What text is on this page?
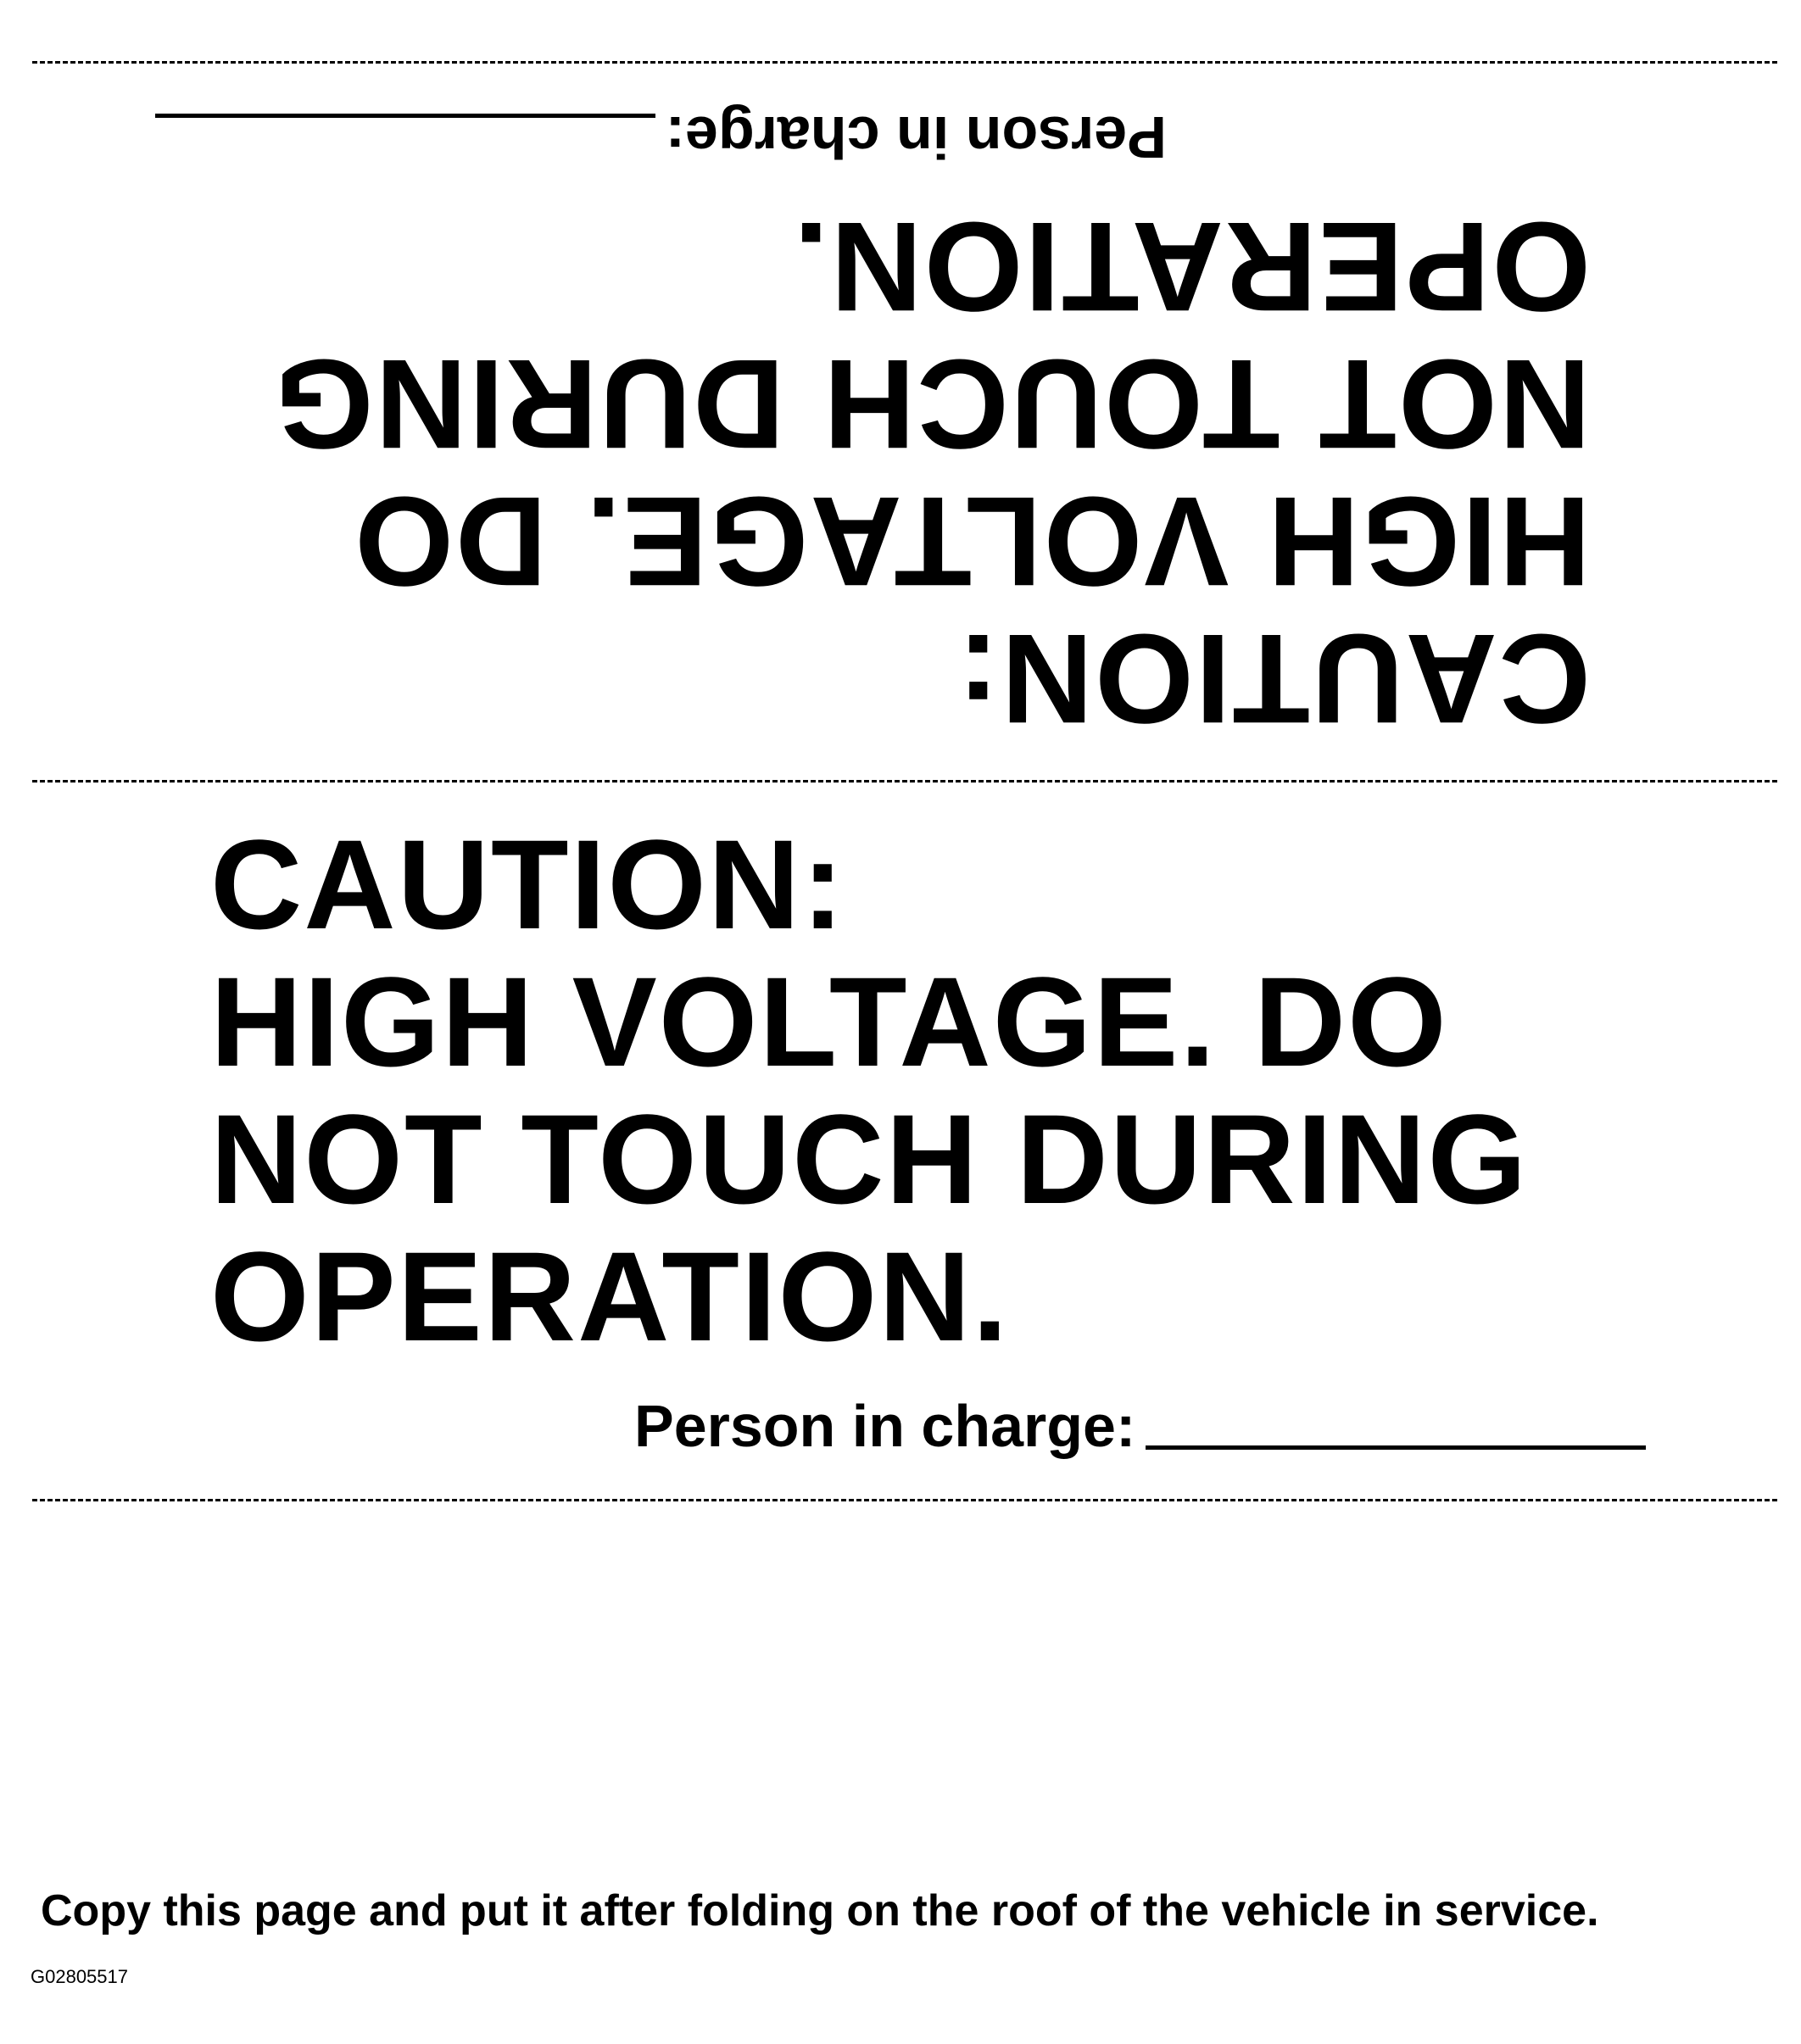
CAUTION:
HIGH VOLTAGE. DO
NOT TOUCH DURING
OPERATION.

Person in charge:

CAUTION:
HIGH VOLTAGE. DO
NOT TOUCH DURING
OPERATION.

Person in charge:
Copy this page and put it after folding on the roof of the vehicle in service.
G02805517
